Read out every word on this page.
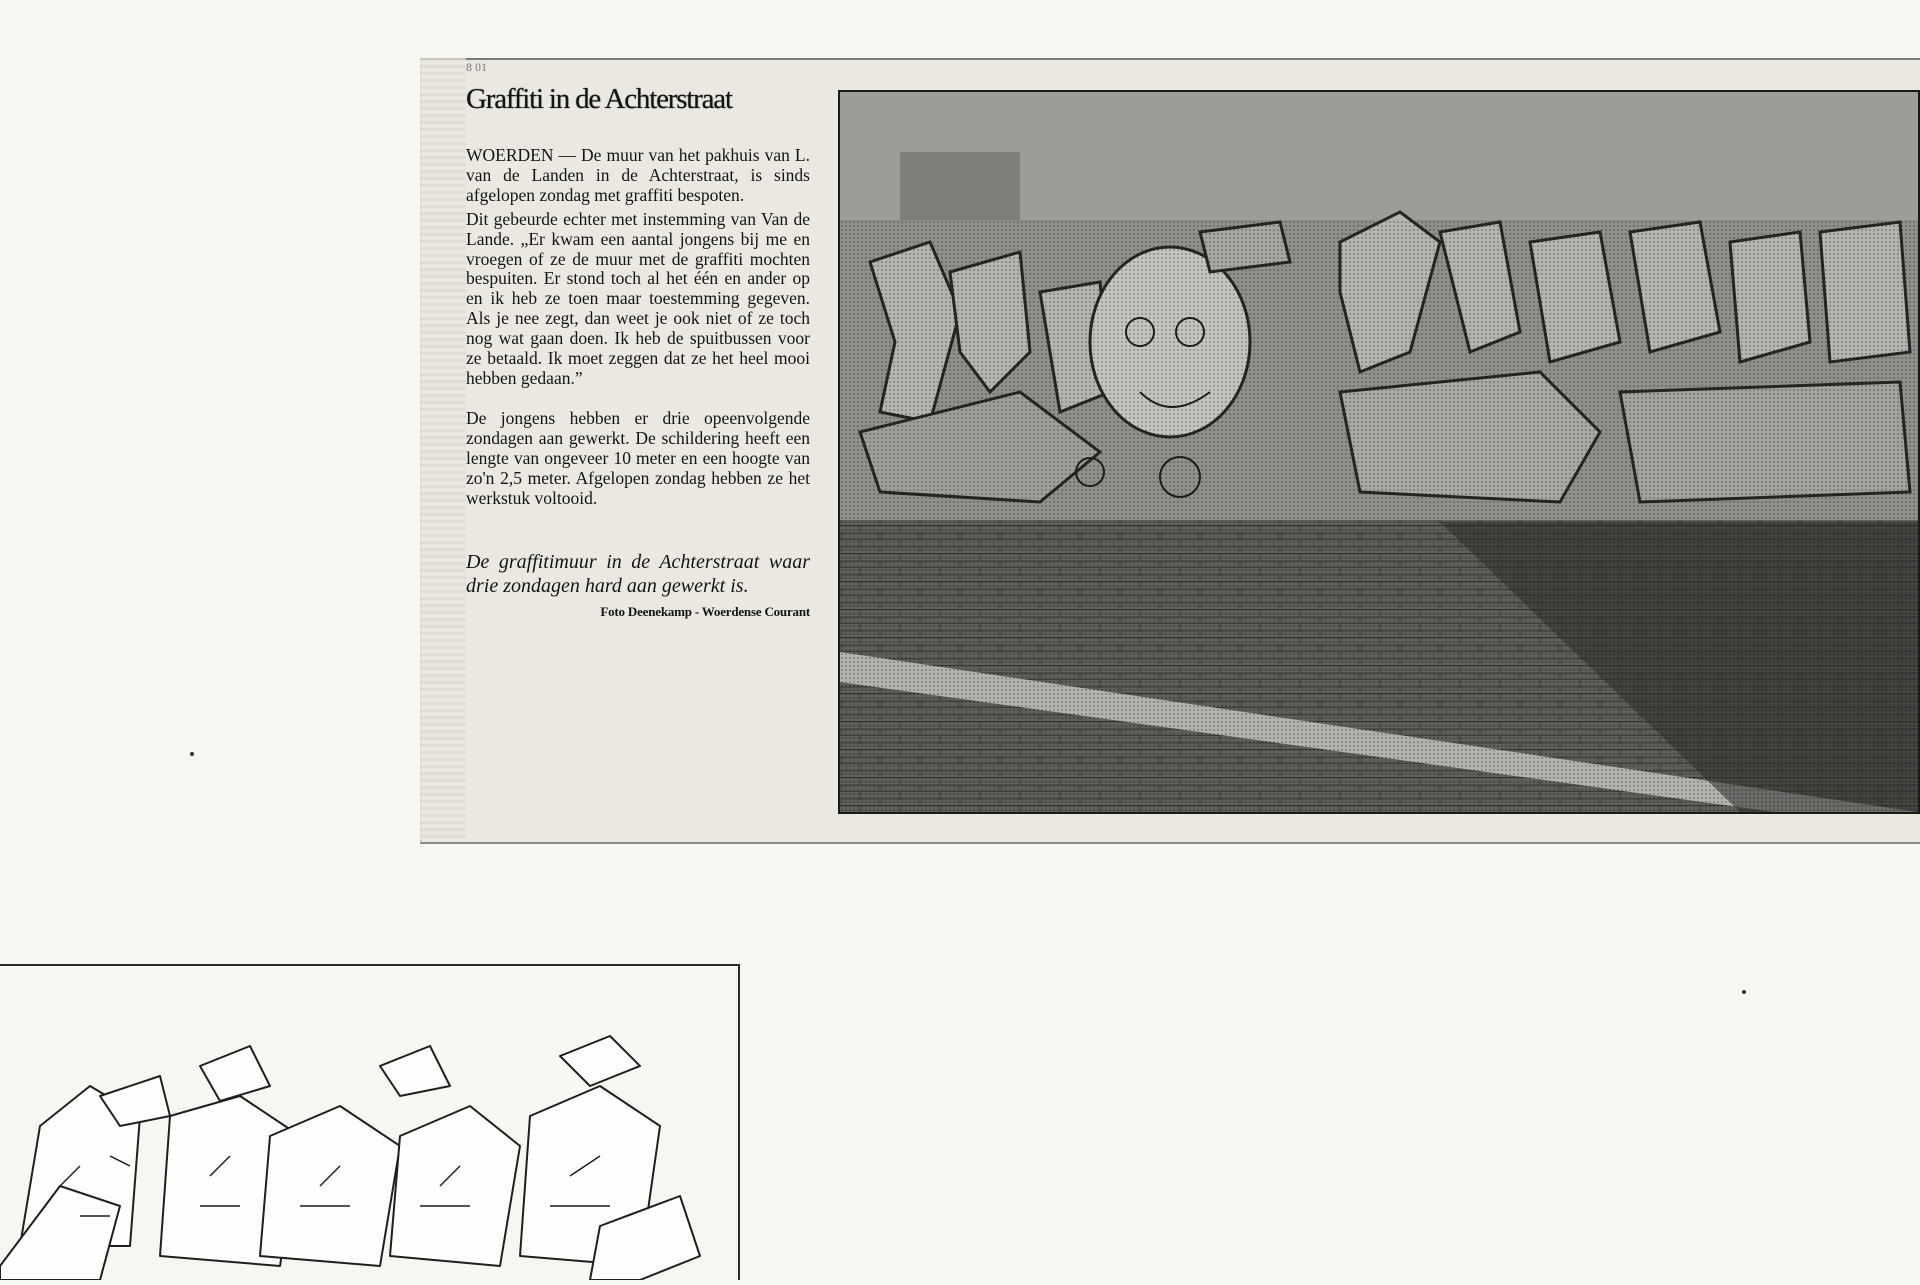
8 01
Graffiti in de Achterstraat

WOERDEN — De muur van het pakhuis van L. van de Landen in de Achterstraat, is sinds afgelopen zondag met graffiti bespoten.

Dit gebeurde echter met instemming van Van de Lande. „Er kwam een aantal jongens bij me en vroegen of ze de muur met de graffiti mochten bespuiten. Er stond toch al het één en ander op en ik heb ze toen maar toestemming gegeven. Als je nee zegt, dan weet je ook niet of ze toch nog wat gaan doen. Ik heb de spuitbussen voor ze betaald. Ik moet zeggen dat ze het heel mooi hebben gedaan.”

De jongens hebben er drie opeenvolgende zondagen aan gewerkt. De schildering heeft een lengte van ongeveer 10 meter en een hoogte van zo'n 2,5 meter. Afgelopen zondag hebben ze het werkstuk voltooid.

De graffitimuur in de Achterstraat waar drie zondagen hard aan gewerkt is.
Foto Deenekamp - Woerdense Courant
